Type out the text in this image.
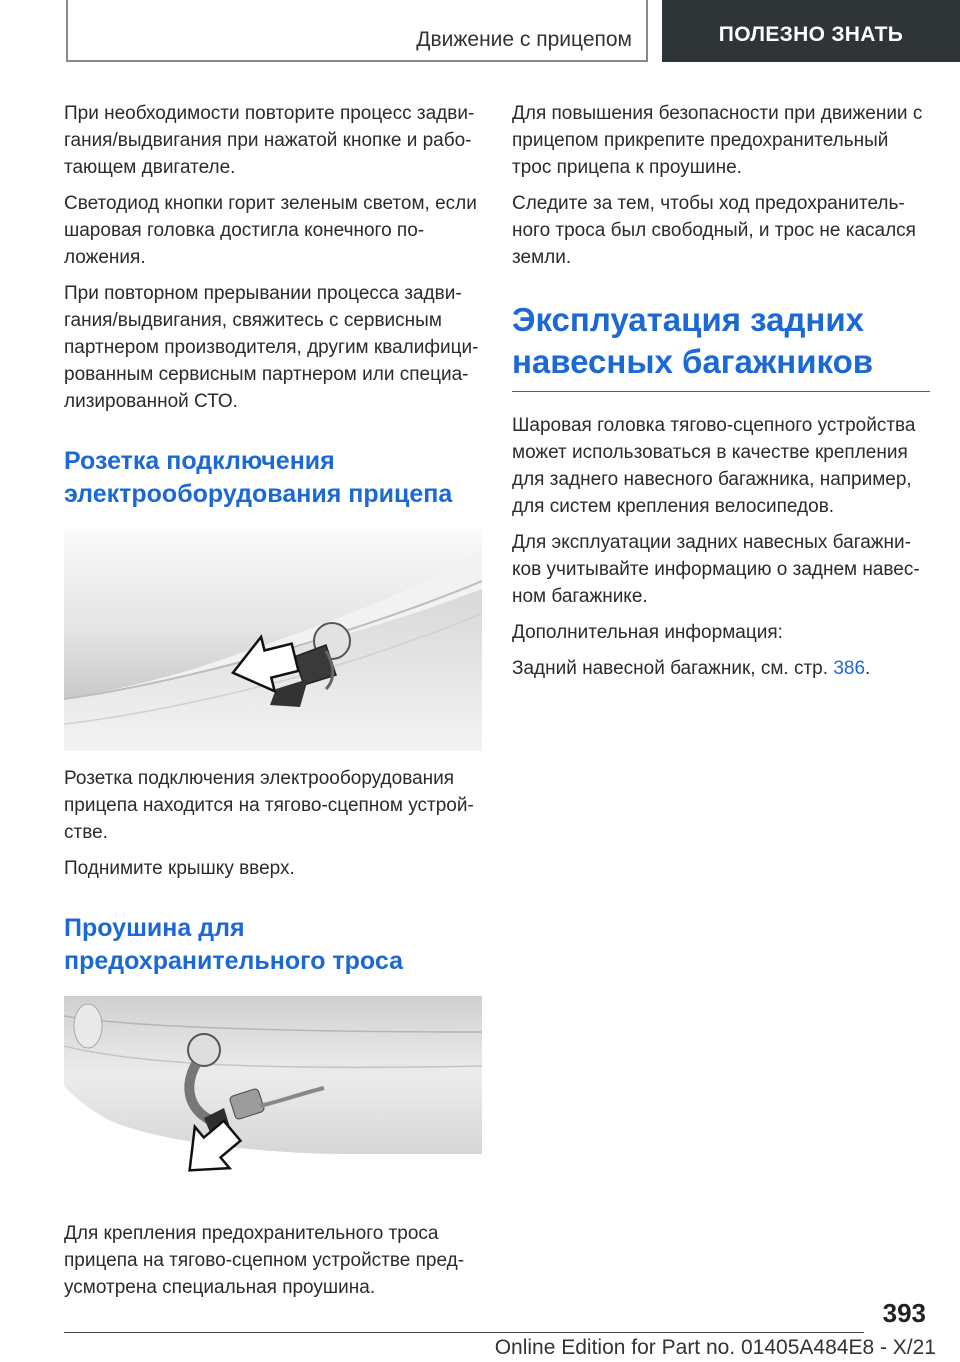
Движение с прицепом	ПОЛЕЗНО ЗНАТЬ

При необходимости повторите процесс задви-гания/выдвигания при нажатой кнопке и рабо-тающем двигателе.

Светодиод кнопки горит зеленым светом, если шаровая головка достигла конечного по-ложения.

При повторном прерывании процесса задви-гания/выдвигания, свяжитесь с сервисным партнером производителя, другим квалифици-рованным сервисным партнером или специа-лизированной СТО.

Розетка подключения электрооборудования прицепа

Розетка подключения электрооборудования прицепа находится на тягово-сцепном устрой-стве.

Поднимите крышку вверх.

Проушина для предохранительного троса

Для крепления предохранительного троса прицепа на тягово-сцепном устройстве пред-усмотрена специальная проушина.

Для повышения безопасности при движении с прицепом прикрепите предохранительный трос прицепа к проушине.

Следите за тем, чтобы ход предохранитель-ного троса был свободный, и трос не касался земли.

Эксплуатация задних навесных багажников

Шаровая головка тягово-сцепного устройства может использоваться в качестве крепления для заднего навесного багажника, например, для систем крепления велосипедов.

Для эксплуатации задних навесных багажни-ков учитывайте информацию о заднем навес-ном багажнике.

Дополнительная информация:

Задний навесной багажник, см. стр. 386.

393
Online Edition for Part no. 01405A484E8 - X/21
